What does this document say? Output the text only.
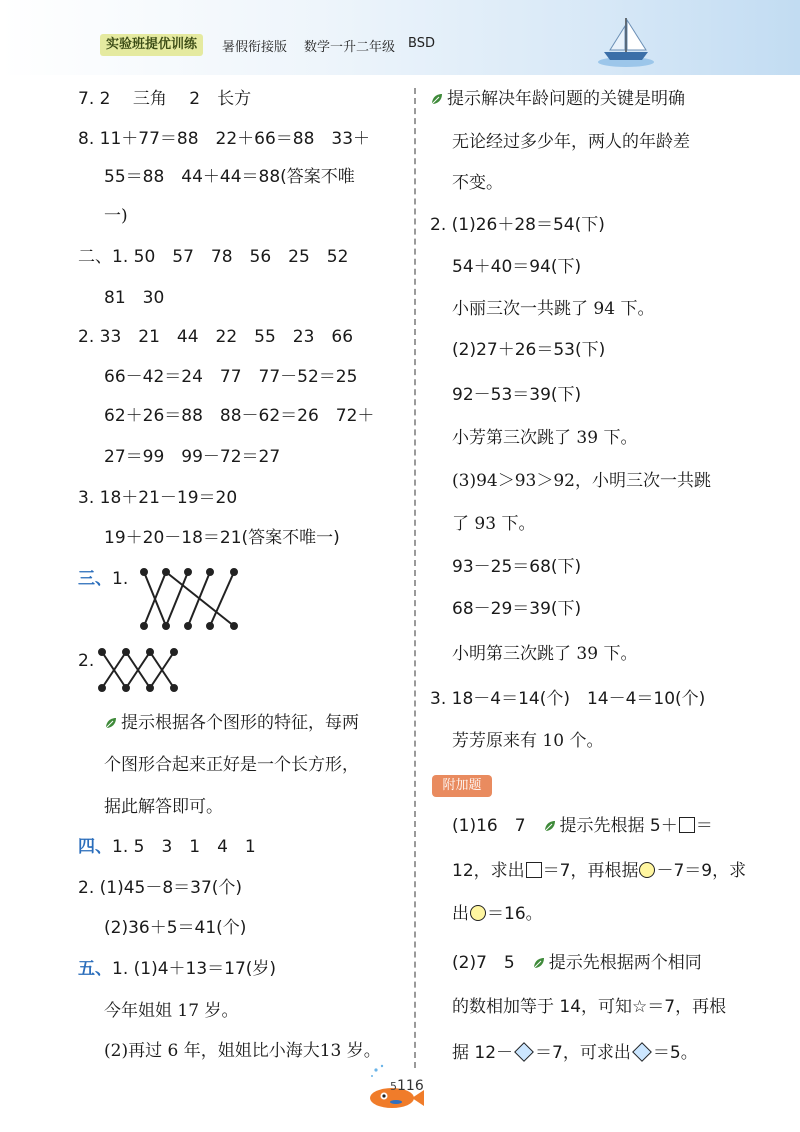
实验班提优训练	暑假衔接版 数学一升二年级 BSD
7. 2　 三角　 2　长方
8. 11＋77＝88　22＋66＝88　33＋
55＝88　44＋44＝88(答案不唯
一)
二、1. 50　57　78　56　25　52
81　30
2. 33　21　44　22　55　23　66
66－42＝24　77　77－52＝25
62＋26＝88　88－62＝26　72＋
27＝99　99－72＝27
3. 18＋21－19＝20
19＋20－18＝21(答案不唯一)
三、1.
2.
提示根据各个图形的特征，每两
个图形合起来正好是一个长方形，
据此解答即可。
四、1. 5　3　1　4　1
2. (1)45－8＝37(个)
(2)36＋5＝41(个)
五、1. (1)4＋13＝17(岁)
今年姐姐 17 岁。
(2)再过 6 年，姐姐比小海大13 岁。
提示解决年龄问题的关键是明确
无论经过多少年，两人的年龄差
不变。
2. (1)26＋28＝54(下)
54＋40＝94(下)
小丽三次一共跳了 94 下。
(2)27＋26＝53(下)
92－53＝39(下)
小芳第三次跳了 39 下。
(3)94＞93＞92，小明三次一共跳
了 93 下。
93－25＝68(下)
68－29＝39(下)
小明第三次跳了 39 下。
3. 18－4＝14(个)　14－4＝10(个)
芳芳原来有 10 个。
附加题
(1)16　7　提示先根据 5＋ ＝
12，求出 ＝7，再根据 －7＝9，求
出 ＝16。
(2)7　5　提示先根据两个相同
的数相加等于 14，可知☆＝7，再根
据 12－ ＝7，可求出 ＝5。
5116
